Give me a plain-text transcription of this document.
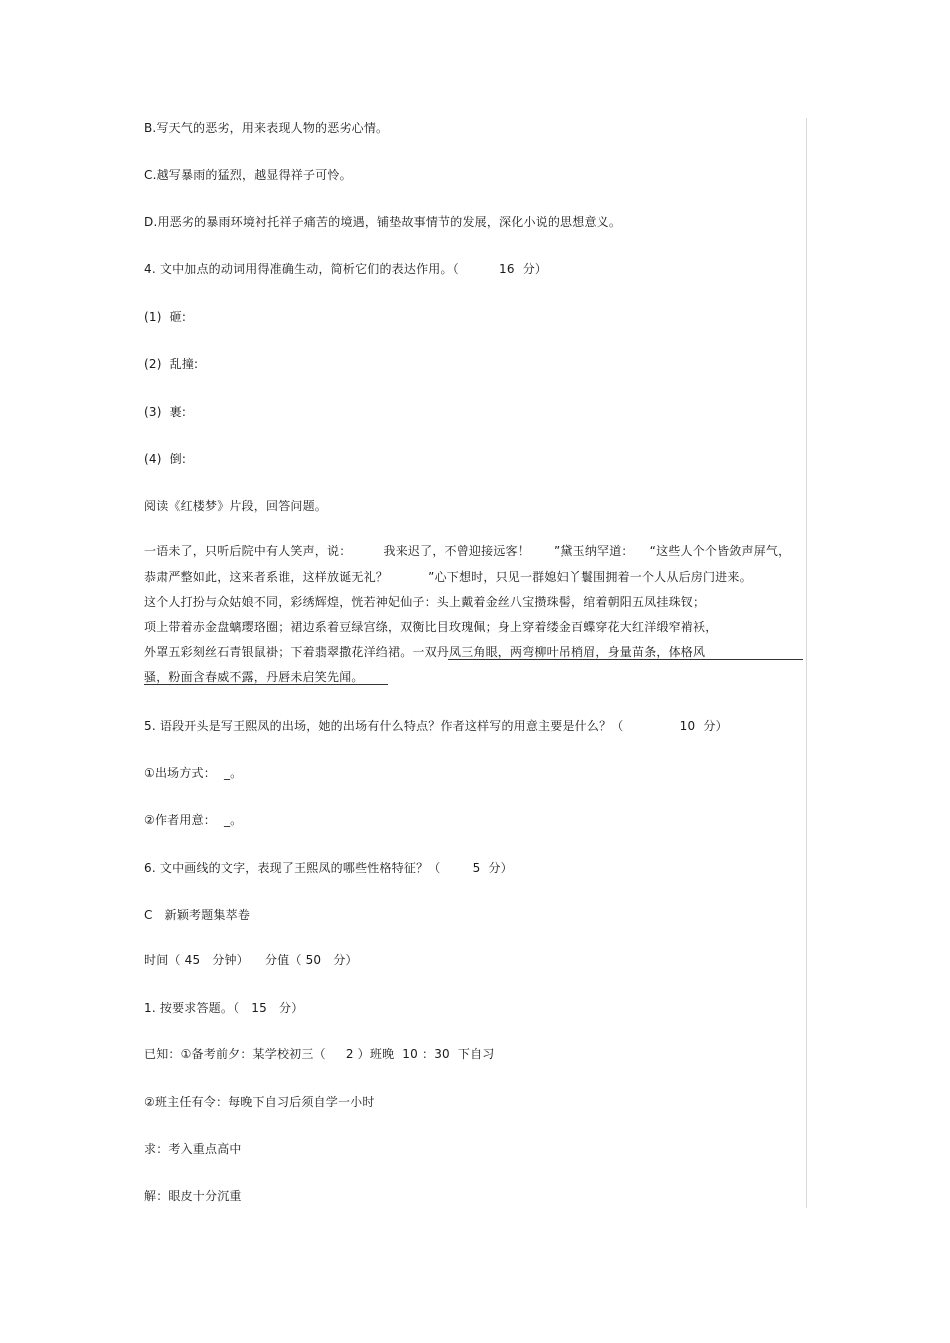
B.写天气的恶劣，用来表现人物的恶劣心情。
C.越写暴雨的猛烈，越显得祥子可怜。
D.用恶劣的暴雨环境衬托祥子痛苦的境遇，铺垫故事情节的发展，深化小说的思想意义。
4. 文中加点的动词用得准确生动，简析它们的表达作用。（          16  分）
(1)  砸:
(2)  乱撞:
(3)  裹:
(4)  倒:
阅读《红楼梦》片段，回答问题。
一语未了，只听后院中有人笑声，说：        我来迟了，不曾迎接远客！      ”黛玉纳罕道：    “这些人个个皆敛声屏气，
恭肃严整如此，这来者系谁，这样放诞无礼？          ”心下想时，只见一群媳妇丫鬟围拥着一个人从后房门进来。
这个人打扮与众姑娘不同，彩绣辉煌，恍若神妃仙子：头上戴着金丝八宝攒珠髻，绾着朝阳五凤挂珠钗；
项上带着赤金盘螭璎珞圈；裙边系着豆绿宫绦，双衡比目玫瑰佩；身上穿着缕金百蝶穿花大红洋缎窄褃袄，
外罩五彩刻丝石青银鼠褂；下着翡翠撒花洋绉裙。一双丹凤三角眼，两弯柳叶吊梢眉，身量苗条，体格风
骚，粉面含春威不露，丹唇未启笑先闻。
5. 语段开头是写王熙凤的出场，她的出场有什么特点？作者这样写的用意主要是什么？（              10  分）
①出场方式：  _。
②作者用意：  _。
6. 文中画线的文字，表现了王熙凤的哪些性格特征？（        5  分）
C   新颖考题集萃卷
时间（ 45   分钟）    分值（ 50   分）
1. 按要求答题。（   15   分）
已知：①备考前夕：某学校初三（     2 ）班晚  10 ：30  下自习
②班主任有令：每晚下自习后须自学一小时
求：考入重点高中
解：眼皮十分沉重
